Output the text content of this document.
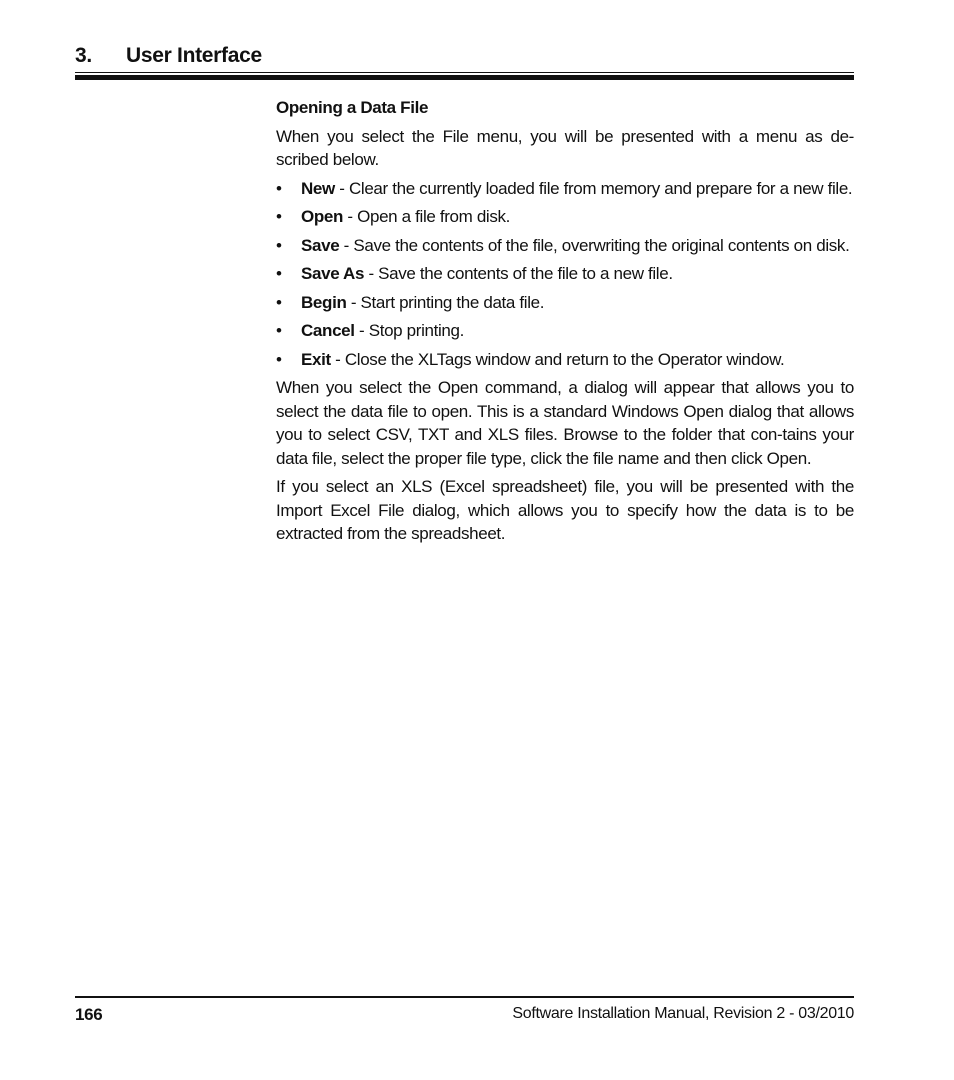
3. User Interface
Opening a Data File

When you select the File menu, you will be presented with a menu as de-scribed below.

• New - Clear the currently loaded file from memory and prepare for a new file.
• Open - Open a file from disk.
• Save - Save the contents of the file, overwriting the original contents on disk.
• Save As - Save the contents of the file to a new file.
• Begin - Start printing the data file.
• Cancel - Stop printing.
• Exit - Close the XLTags window and return to the Operator window.

When you select the Open command, a dialog will appear that allows you to select the data file to open. This is a standard Windows Open dialog that allows you to select CSV, TXT and XLS files. Browse to the folder that con-tains your data file, select the proper file type, click the file name and then click Open.

If you select an XLS (Excel spreadsheet) file, you will be presented with the Import Excel File dialog, which allows you to specify how the data is to be extracted from the spreadsheet.

166	Software Installation Manual, Revision 2 - 03/2010
